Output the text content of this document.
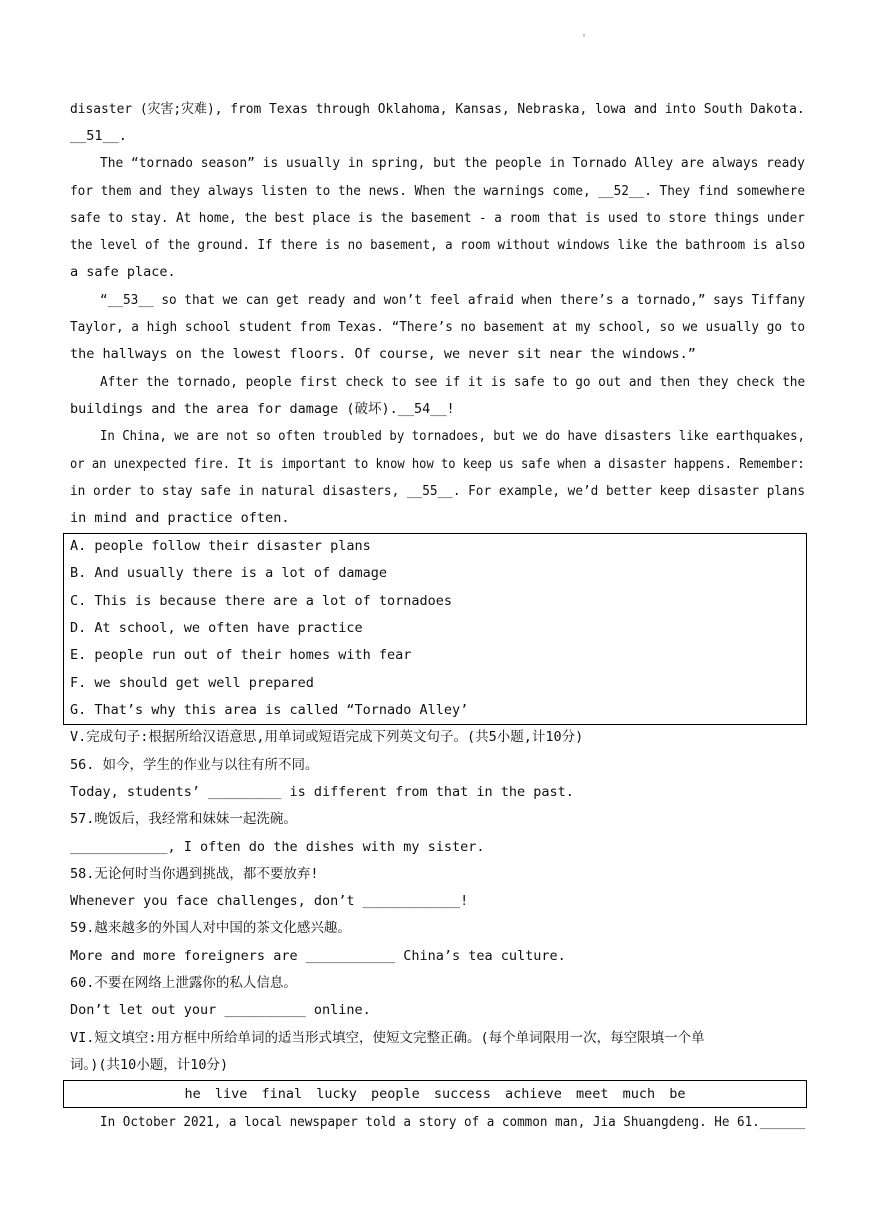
'
disaster (灾害;灾难), from Texas through Oklahoma, Kansas, Nebraska, lowa and into South Dakota.
__51__.
The “tornado season” is usually in spring, but the people in Tornado Alley are always ready
for them and they always listen to the news. When the warnings come, __52__. They find somewhere
safe to stay. At home, the best place is the basement - a room that is used to store things under
the level of the ground. If there is no basement, a room without windows like the bathroom is also
a safe place.
“__53__ so that we can get ready and won’t feel afraid when there’s a tornado,” says Tiffany
Taylor, a high school student from Texas. “There’s no basement at my school, so we usually go to
the hallways on the lowest floors. Of course, we never sit near the windows.”
After the tornado, people first check to see if it is safe to go out and then they check the
buildings and the area for damage (破坏).__54__!
In China, we are not so often troubled by tornadoes, but we do have disasters like earthquakes,
or an unexpected fire. It is important to know how to keep us safe when a disaster happens. Remember:
in order to stay safe in natural disasters, __55__. For example, we’d better keep disaster plans
in mind and practice often.
A. people follow their disaster plans
B. And usually there is a lot of damage
C. This is because there are a lot of tornadoes
D. At school, we often have practice
E. people run out of their homes with fear
F. we should get well prepared
G. That’s why this area is called “Tornado Alley’
V.完成句子:根据所给汉语意思,用单词或短语完成下列英文句子。(共5小题,计10分)
56. 如今，学生的作业与以往有所不同。
Today, students’ _________ is different from that in the past.
57.晚饭后，我经常和妹妹一起洗碗。
____________, I often do the dishes with my sister.
58.无论何时当你遇到挑战，都不要放弃!
Whenever you face challenges, don’t ____________!
59.越来越多的外国人对中国的茶文化感兴趣。
More and more foreigners are ___________ China’s tea culture.
60.不要在网络上泄露你的私人信息。
Don’t let out your __________ online.
VI.短文填空:用方框中所给单词的适当形式填空，使短文完整正确。(每个单词限用一次，每空限填一个单
词。)(共10小题，计10分)
he live final lucky people success achieve meet much be
In October 2021, a local newspaper told a story of a common man, Jia Shuangdeng. He 61.______
